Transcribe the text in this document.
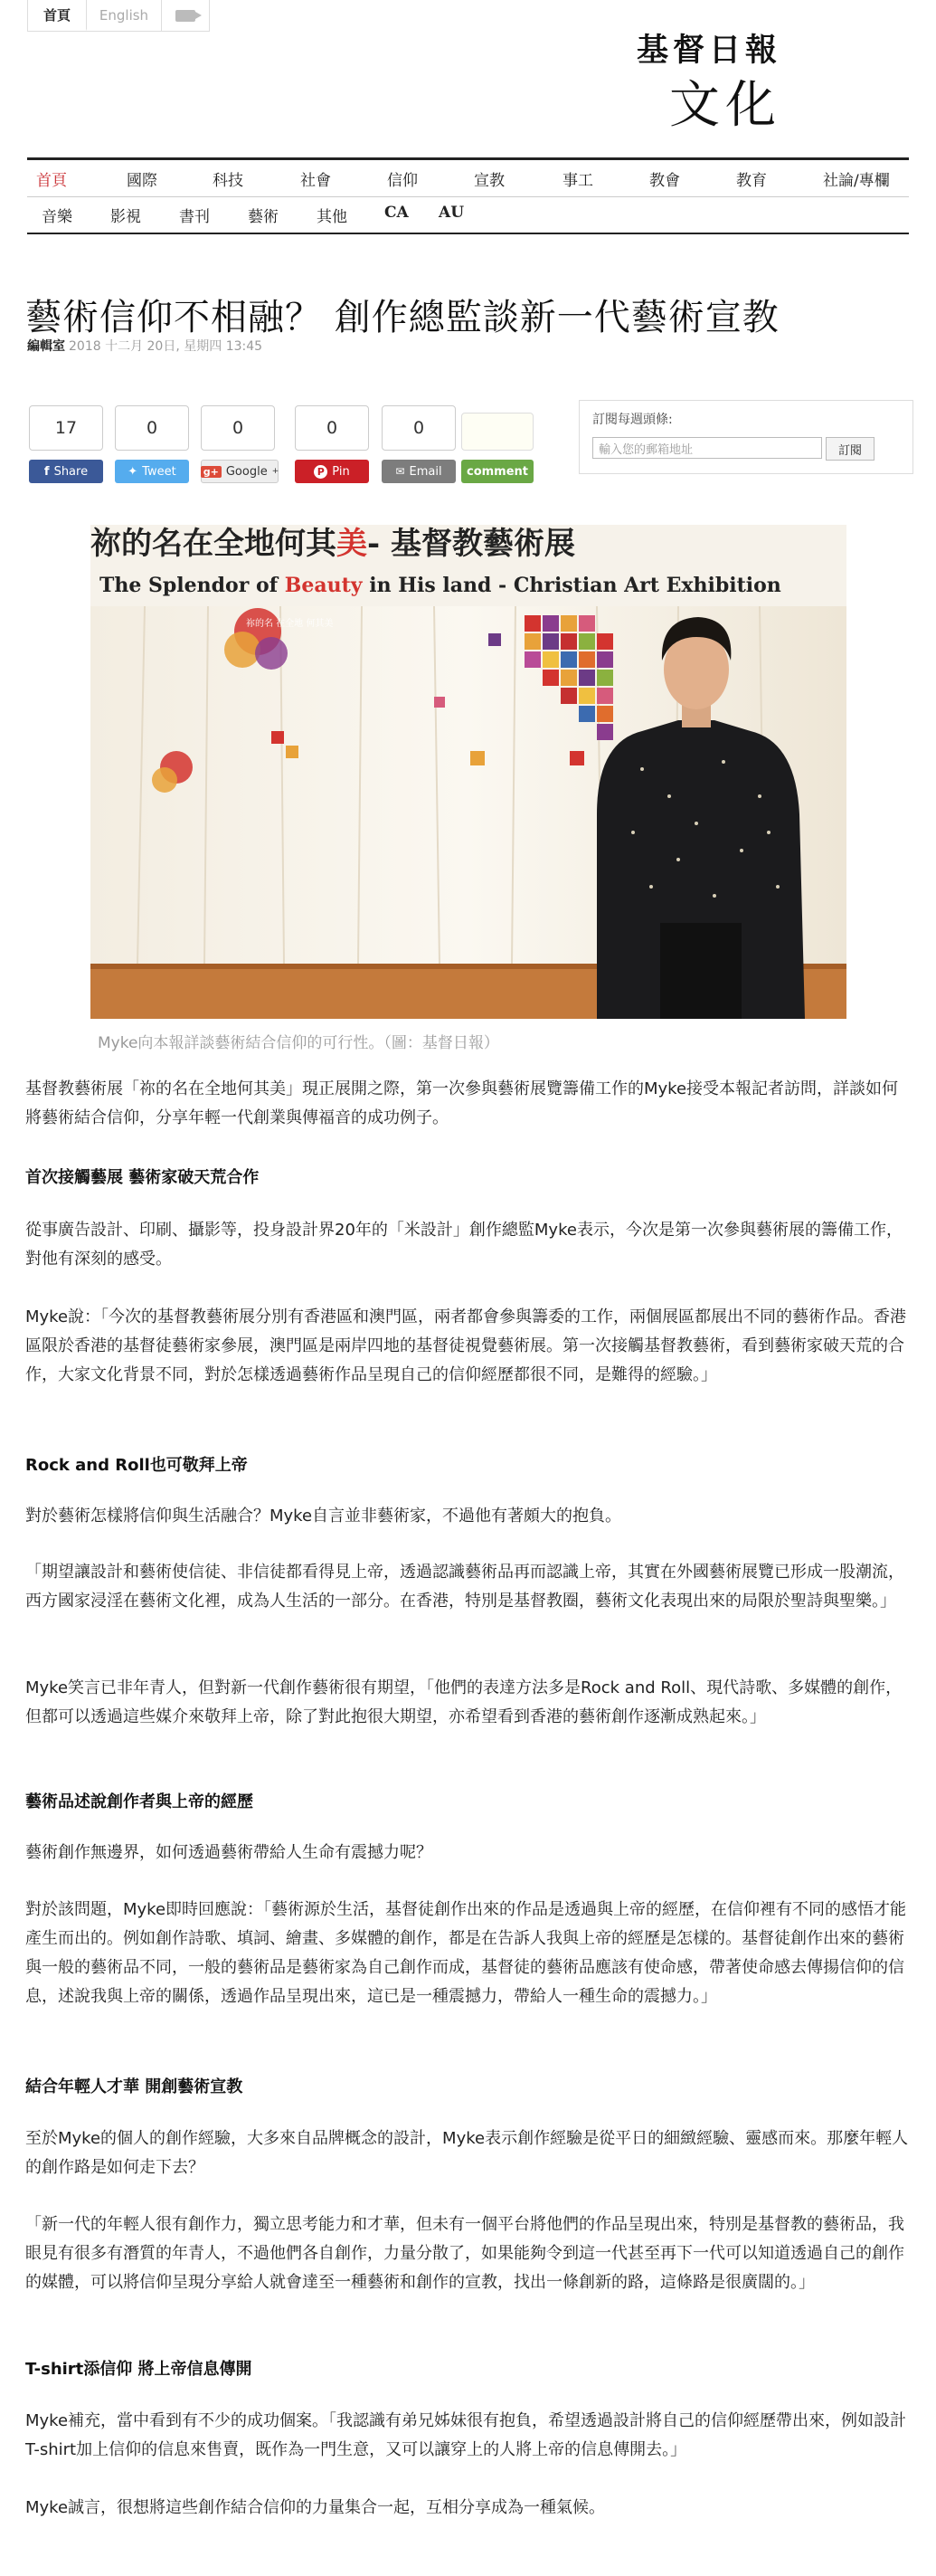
首頁	English
基督日報
文化
首頁	國際	科技	社會	信仰	宣教	事工	教會	教育	社論/專欄
音樂 影視 書刊 藝術 其他 CA AU
藝術信仰不相融？ 創作總監談新一代藝術宣教
編輯室 2018 十二月 20日, 星期四 13:45
17	0	0	0	0
f Share	✦ Tweet	g+ Google +	P Pin	✉ Email comment
訂閱每週頭條:
輸入您的郵箱地址	訂閱
祢的名在全地何其美- 基督教藝術展
The Splendor of Beauty in His land - Christian Art Exhibition
祢的名 在全地 何其美
Myke向本報詳談藝術結合信仰的可行性。（圖：基督日報）

基督教藝術展「祢的名在全地何其美」現正展開之際，第一次參與藝術展覽籌備工作的Myke接受本報記者訪問，詳談如何將藝術結合信仰，分享年輕一代創業與傳福音的成功例子。

首次接觸藝展 藝術家破天荒合作

從事廣告設計、印刷、攝影等，投身設計界20年的「米設計」創作總監Myke表示，今次是第一次參與藝術展的籌備工作，對他有深刻的感受。

Myke說：「今次的基督教藝術展分別有香港區和澳門區，兩者都會參與籌委的工作，兩個展區都展出不同的藝術作品。香港區限於香港的基督徒藝術家參展，澳門區是兩岸四地的基督徒視覺藝術展。第一次接觸基督教藝術，看到藝術家破天荒的合作，大家文化背景不同，對於怎樣透過藝術作品呈現自己的信仰經歷都很不同，是難得的經驗。」

Rock and Roll也可敬拜上帝

對於藝術怎樣將信仰與生活融合？Myke自言並非藝術家，不過他有著頗大的抱負。

「期望讓設計和藝術使信徒、非信徒都看得見上帝，透過認識藝術品再而認識上帝，其實在外國藝術展覽已形成一股潮流，西方國家浸淫在藝術文化裡，成為人生活的一部分。在香港，特別是基督教圈，藝術文化表現出來的局限於聖詩與聖樂。」

Myke笑言已非年青人，但對新一代創作藝術很有期望，「他們的表達方法多是Rock and Roll、現代詩歌、多媒體的創作，但都可以透過這些媒介來敬拜上帝，除了對此抱很大期望，亦希望看到香港的藝術創作逐漸成熟起來。」

藝術品述說創作者與上帝的經歷

藝術創作無邊界，如何透過藝術帶給人生命有震撼力呢？

對於該問題，Myke即時回應說：「藝術源於生活，基督徒創作出來的作品是透過與上帝的經歷，在信仰裡有不同的感悟才能產生而出的。例如創作詩歌、填詞、繪畫、多媒體的創作，都是在告訴人我與上帝的經歷是怎樣的。基督徒創作出來的藝術與一般的藝術品不同，一般的藝術品是藝術家為自己創作而成，基督徒的藝術品應該有使命感，帶著使命感去傳揚信仰的信息，述說我與上帝的關係，透過作品呈現出來，這已是一種震撼力，帶給人一種生命的震撼力。」

結合年輕人才華 開創藝術宣教

至於Myke的個人的創作經驗，大多來自品牌概念的設計，Myke表示創作經驗是從平日的細緻經驗、靈感而來。那麼年輕人的創作路是如何走下去？

「新一代的年輕人很有創作力，獨立思考能力和才華，但未有一個平台將他們的作品呈現出來，特別是基督教的藝術品，我眼見有很多有潛質的年青人，不過他們各自創作，力量分散了，如果能夠令到這一代甚至再下一代可以知道透過自己的創作的媒體，可以將信仰呈現分享給人就會達至一種藝術和創作的宣教，找出一條創新的路，這條路是很廣闊的。」

T-shirt添信仰 將上帝信息傳開

Myke補充，當中看到有不少的成功個案。「我認識有弟兄姊妹很有抱負，希望透過設計將自己的信仰經歷帶出來，例如設計T-shirt加上信仰的信息來售賣，既作為一門生意，又可以讓穿上的人將上帝的信息傳開去。」

Myke誠言，很想將這些創作結合信仰的力量集合一起，互相分享成為一種氣候。
